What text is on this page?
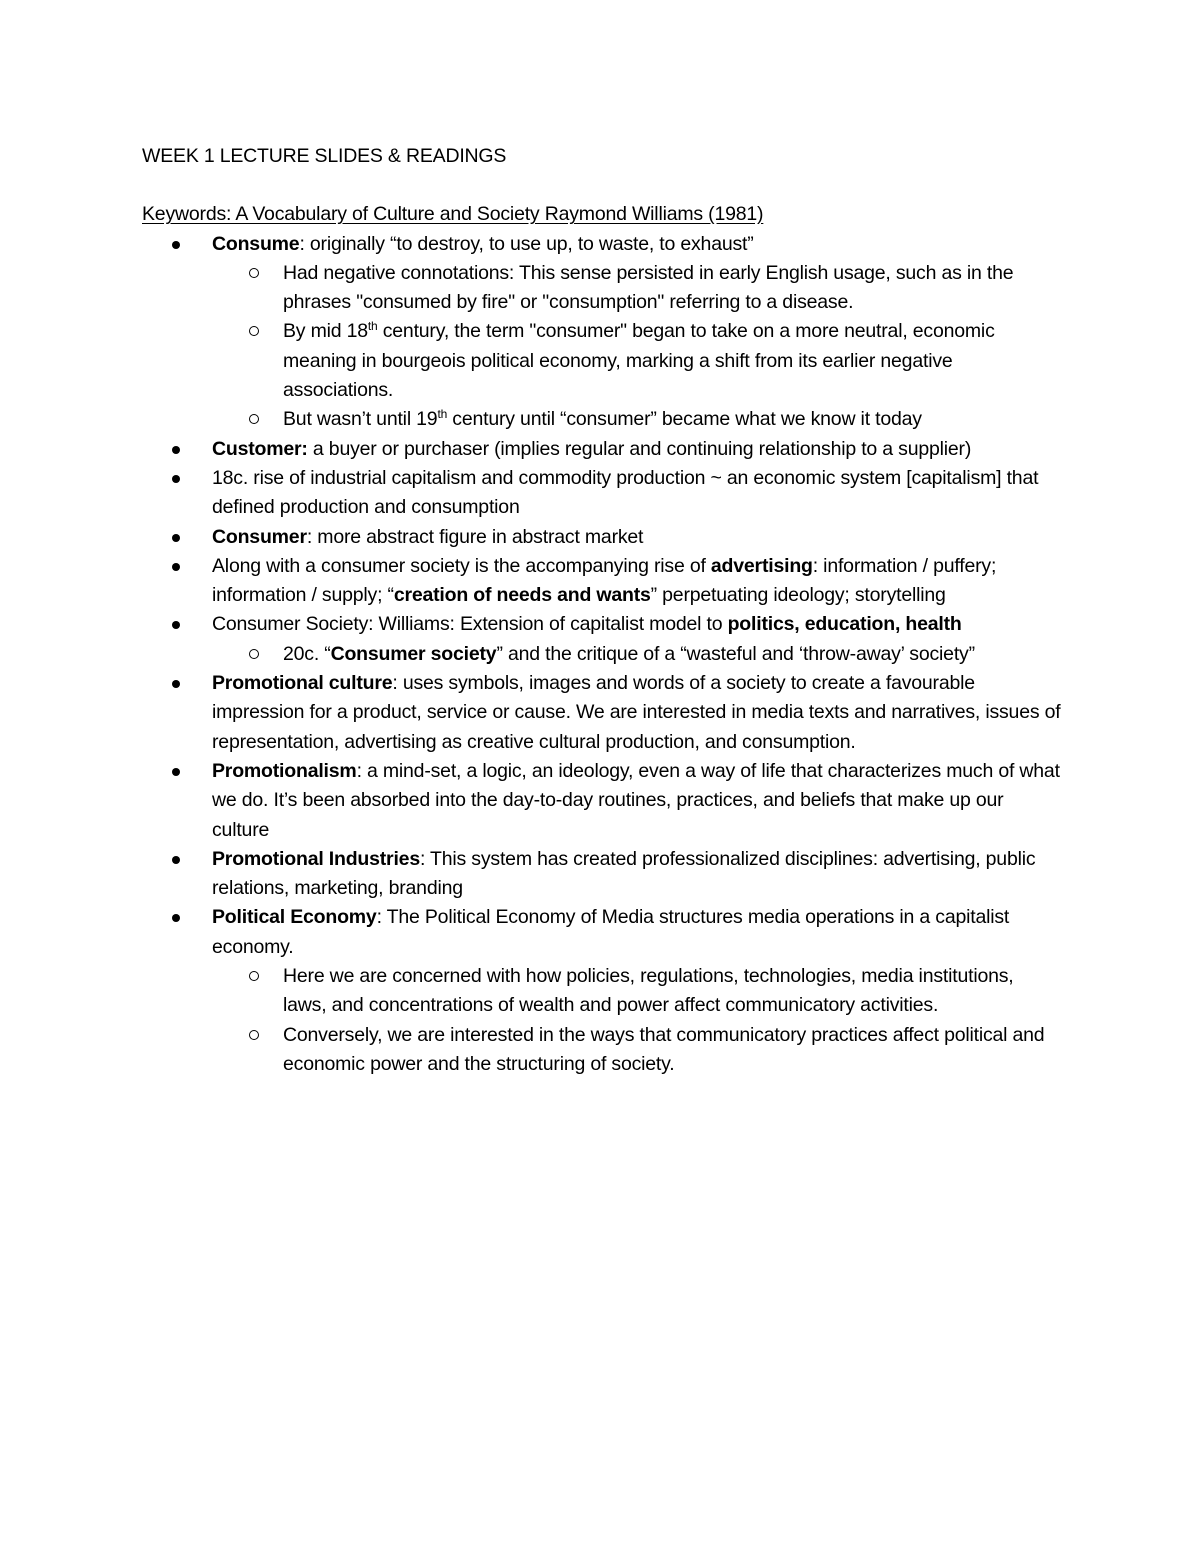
WEEK 1 LECTURE SLIDES & READINGS

Keywords: A Vocabulary of Culture and Society Raymond Williams (1981)

Consume: originally “to destroy, to use up, to waste, to exhaust”
Had negative connotations: This sense persisted in early English usage, such as in the phrases "consumed by fire" or "consumption" referring to a disease.
By mid 18th century, the term "consumer" began to take on a more neutral, economic meaning in bourgeois political economy, marking a shift from its earlier negative associations.
But wasn’t until 19th century until “consumer” became what we know it today
Customer: a buyer or purchaser (implies regular and continuing relationship to a supplier)
18c. rise of industrial capitalism and commodity production ~ an economic system [capitalism] that defined production and consumption
Consumer: more abstract figure in abstract market
Along with a consumer society is the accompanying rise of advertising: information / puffery; information / supply; “creation of needs and wants” perpetuating ideology; storytelling
Consumer Society: Williams: Extension of capitalist model to politics, education, health
20c. “Consumer society” and the critique of a “wasteful and ‘throw-away’ society”
Promotional culture: uses symbols, images and words of a society to create a favourable impression for a product, service or cause. We are interested in media texts and narratives, issues of representation, advertising as creative cultural production, and consumption.
Promotionalism: a mind-set, a logic, an ideology, even a way of life that characterizes much of what we do. It’s been absorbed into the day-to-day routines, practices, and beliefs that make up our culture
Promotional Industries: This system has created professionalized disciplines: advertising, public relations, marketing, branding
Political Economy: The Political Economy of Media structures media operations in a capitalist economy.
Here we are concerned with how policies, regulations, technologies, media institutions, laws, and concentrations of wealth and power affect communicatory activities.
Conversely, we are interested in the ways that communicatory practices affect political and economic power and the structuring of society.
